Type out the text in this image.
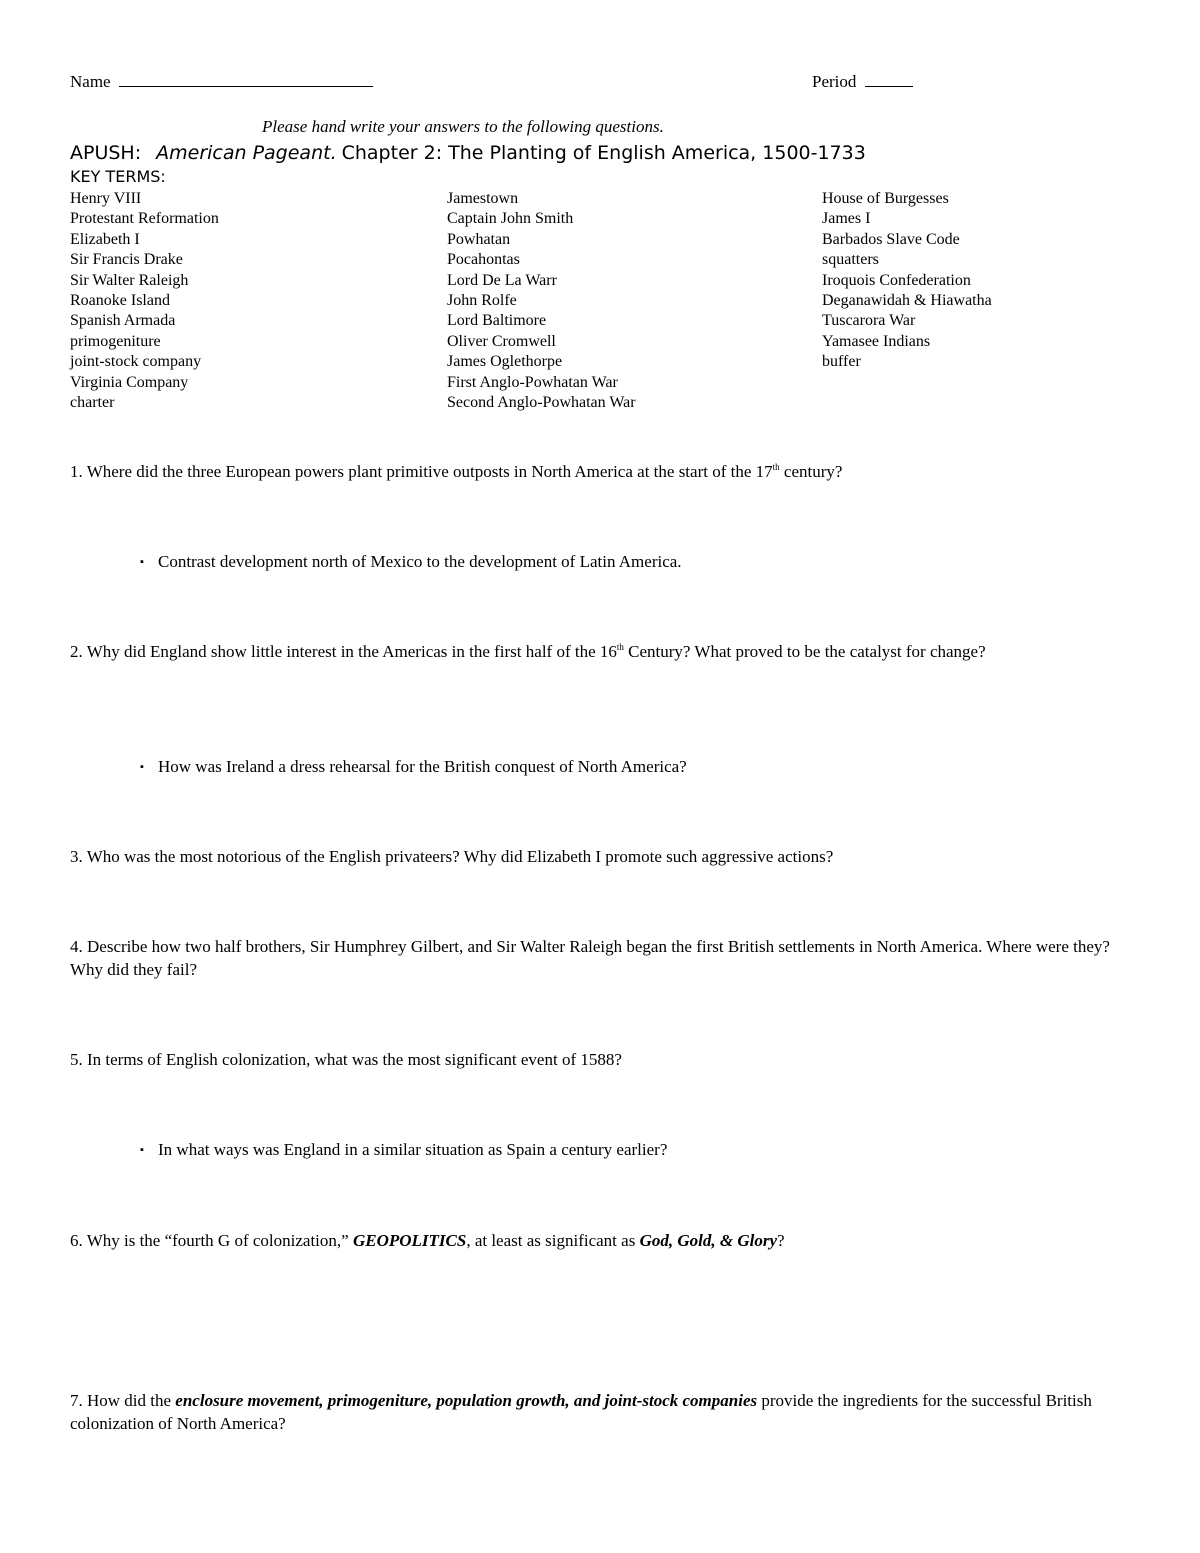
Name	Period
Please hand write your answers to the following questions.
APUSH: American Pageant. Chapter 2: The Planting of English America, 1500-1733
KEY TERMS:
Henry VIII
Protestant Reformation
Elizabeth I
Sir Francis Drake
Sir Walter Raleigh
Roanoke Island
Spanish Armada
primogeniture
joint-stock company
Virginia Company
charter
Jamestown
Captain John Smith
Powhatan
Pocahontas
Lord De La Warr
John Rolfe
Lord Baltimore
Oliver Cromwell
James Oglethorpe
First Anglo-Powhatan War
Second Anglo-Powhatan War
House of Burgesses
James I
Barbados Slave Code
squatters
Iroquois Confederation
Deganawidah & Hiawatha
Tuscarora War
Yamasee Indians
buffer
1. Where did the three European powers plant primitive outposts in North America at the start of the 17th century?
▪ Contrast development north of Mexico to the development of Latin America.
2. Why did England show little interest in the Americas in the first half of the 16th Century? What proved to be the catalyst for change?
▪ How was Ireland a dress rehearsal for the British conquest of North America?
3. Who was the most notorious of the English privateers? Why did Elizabeth I promote such aggressive actions?
4. Describe how two half brothers, Sir Humphrey Gilbert, and Sir Walter Raleigh began the first British settlements in North America. Where were they? Why did they fail?
5. In terms of English colonization, what was the most significant event of 1588?
▪ In what ways was England in a similar situation as Spain a century earlier?
6. Why is the “fourth G of colonization,” GEOPOLITICS, at least as significant as God, Gold, & Glory?
7. How did the enclosure movement, primogeniture, population growth, and joint-stock companies provide the ingredients for the successful British colonization of North America?
